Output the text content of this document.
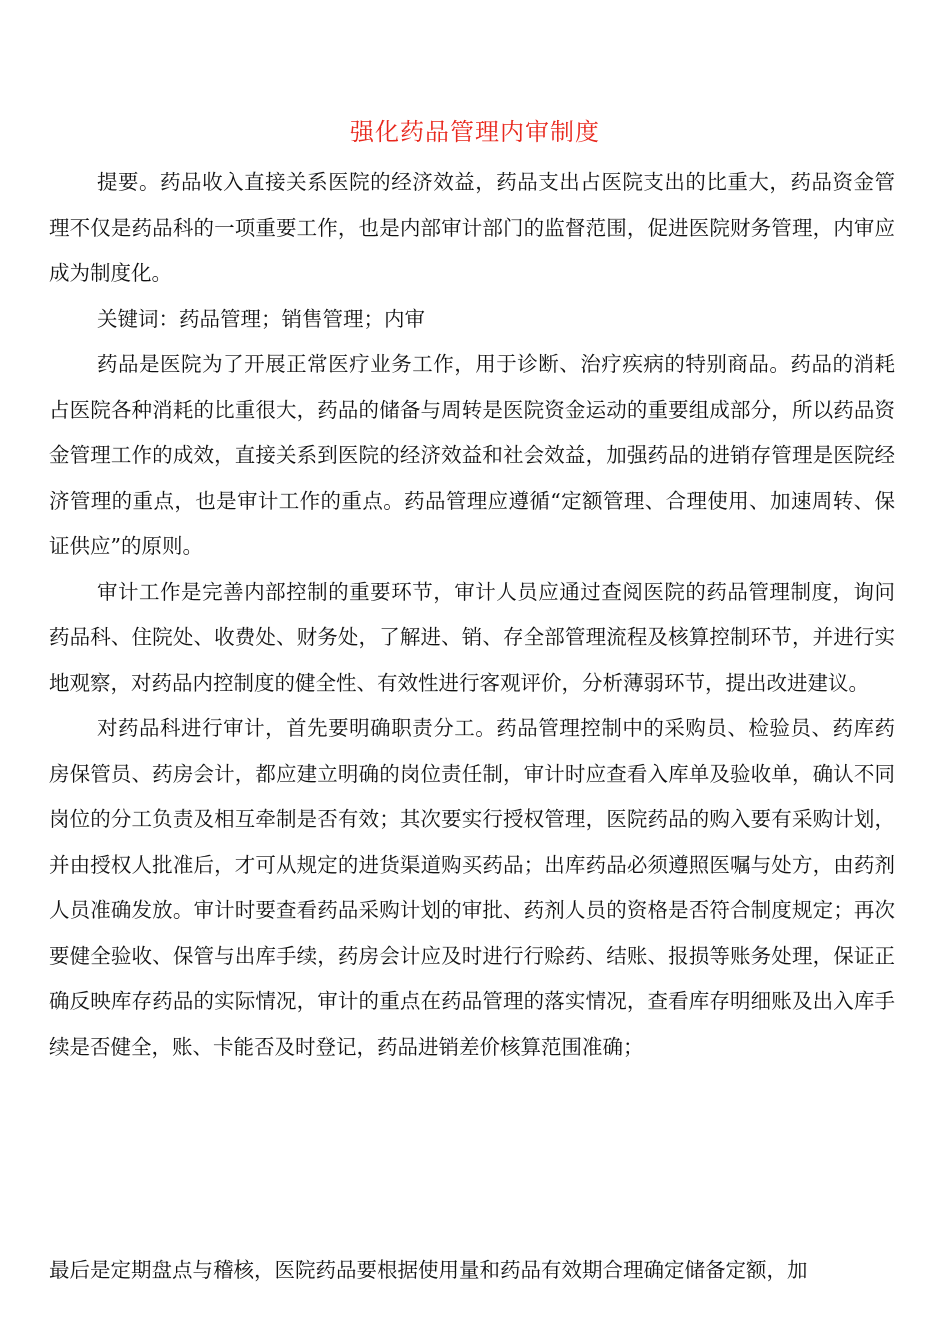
强化药品管理内审制度

提要。药品收入直接关系医院的经济效益，药品支出占医院支出的比重大，药品资金管理不仅是药品科的一项重要工作，也是内部审计部门的监督范围，促进医院财务管理，内审应成为制度化。

关键词：药品管理；销售管理；内审

药品是医院为了开展正常医疗业务工作，用于诊断、治疗疾病的特别商品。药品的消耗占医院各种消耗的比重很大，药品的储备与周转是医院资金运动的重要组成部分，所以药品资金管理工作的成效，直接关系到医院的经济效益和社会效益，加强药品的进销存管理是医院经济管理的重点，也是审计工作的重点。药品管理应遵循“定额管理、合理使用、加速周转、保证供应”的原则。

审计工作是完善内部控制的重要环节，审计人员应通过查阅医院的药品管理制度，询问药品科、住院处、收费处、财务处，了解进、销、存全部管理流程及核算控制环节，并进行实地观察，对药品内控制度的健全性、有效性进行客观评价，分析薄弱环节，提出改进建议。

对药品科进行审计，首先要明确职责分工。药品管理控制中的采购员、检验员、药库药房保管员、药房会计，都应建立明确的岗位责任制，审计时应查看入库单及验收单，确认不同岗位的分工负责及相互牵制是否有效；其次要实行授权管理，医院药品的购入要有采购计划，并由授权人批准后，才可从规定的进货渠道购买药品；出库药品必须遵照医嘱与处方，由药剂人员准确发放。审计时要查看药品采购计划的审批、药剂人员的资格是否符合制度规定；再次要健全验收、保管与出库手续，药房会计应及时进行行赊药、结账、报损等账务处理，保证正确反映库存药品的实际情况，审计的重点在药品管理的落实情况，查看库存明细账及出入库手续是否健全，账、卡能否及时登记，药品进销差价核算范围准确；

最后是定期盘点与稽核，医院药品要根据使用量和药品有效期合理确定储备定额，加
